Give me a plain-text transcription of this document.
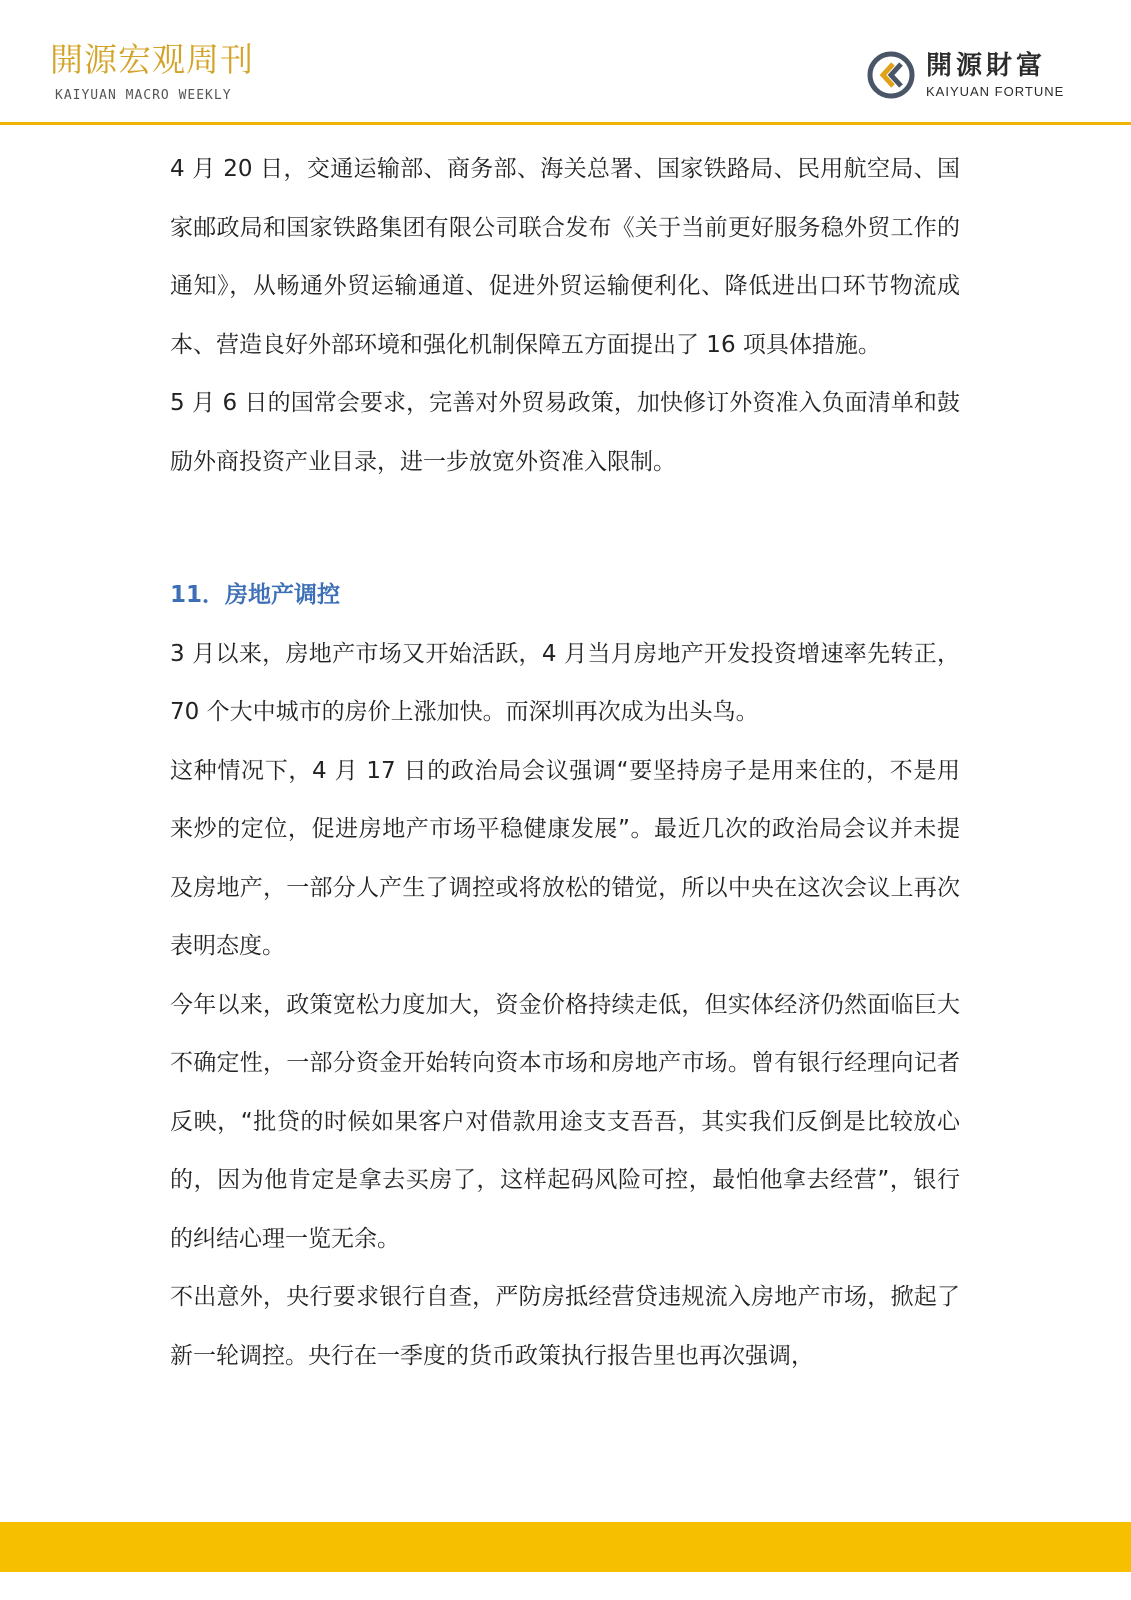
開源宏观周刊
KAIYUAN MACRO WEEKLY
開源財富
KAIYUAN FORTUNE

4 月 20 日，交通运输部、商务部、海关总署、国家铁路局、民用航空局、国家邮政局和国家铁路集团有限公司联合发布《关于当前更好服务稳外贸工作的通知》，从畅通外贸运输通道、促进外贸运输便利化、降低进出口环节物流成本、营造良好外部环境和强化机制保障五方面提出了 16 项具体措施。

5 月 6 日的国常会要求，完善对外贸易政策，加快修订外资准入负面清单和鼓励外商投资产业目录，进一步放宽外资准入限制。

11．房地产调控

3 月以来，房地产市场又开始活跃，4 月当月房地产开发投资增速率先转正，70 个大中城市的房价上涨加快。而深圳再次成为出头鸟。

这种情况下，4 月 17 日的政治局会议强调“要坚持房子是用来住的，不是用来炒的定位，促进房地产市场平稳健康发展”。最近几次的政治局会议并未提及房地产，一部分人产生了调控或将放松的错觉，所以中央在这次会议上再次表明态度。

今年以来，政策宽松力度加大，资金价格持续走低，但实体经济仍然面临巨大不确定性，一部分资金开始转向资本市场和房地产市场。曾有银行经理向记者反映，“批贷的时候如果客户对借款用途支支吾吾，其实我们反倒是比较放心的，因为他肯定是拿去买房了，这样起码风险可控，最怕他拿去经营”，银行的纠结心理一览无余。

不出意外，央行要求银行自查，严防房抵经营贷违规流入房地产市场，掀起了新一轮调控。央行在一季度的货币政策执行报告里也再次强调，
